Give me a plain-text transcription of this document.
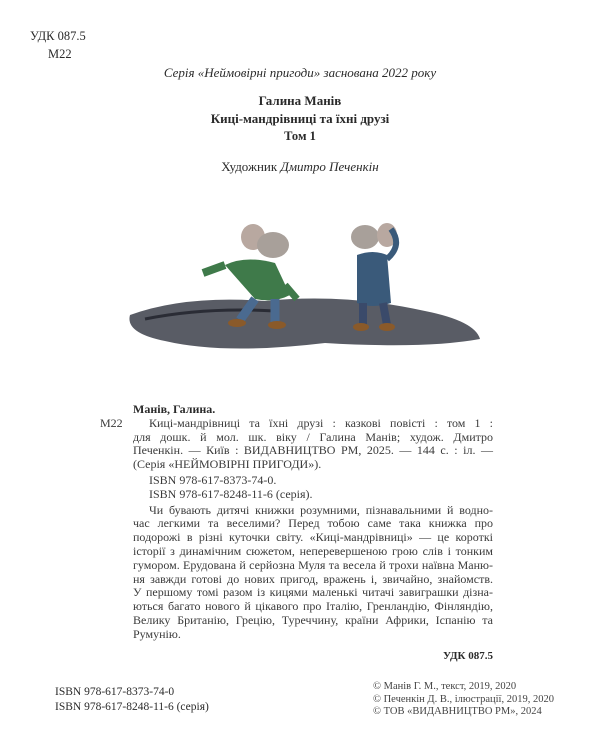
УДК 087.5
М22
Серія «Неймовірні пригоди» заснована 2022 року
Галина Манів
Киці-мандрівниці та їхні друзі
Том 1
Художник Дмитро Печенкін
М22
Манів, Галина.
Киці-мандрівниці та їхні друзі : казкові повісті : том 1 :
для дошк. й мол. шк. віку / Галина Манів; худож. Дмитро
Печенкін. — Київ : ВИДАВНИЦТВО РМ, 2025. — 144 с. : іл. —
(Серія «НЕЙМОВІРНІ ПРИГОДИ»).
ISBN 978-617-8373-74-0.
ISBN 978-617-8248-11-6 (серія).
Чи бувають дитячі книжки розумними, пізнавальними й водно-
час легкими та веселими? Перед тобою саме така книжка про
подорожі в різні куточки світу. «Киці-мандрівниці» — це короткі
історії з динамічним сюжетом, неперевершеною грою слів і тонким
гумором. Ерудована й серйозна Муля та весела й трохи наївна Маню-
ня завжди готові до нових пригод, вражень і, звичайно, знайомств.
У першому томі разом із кицями маленькі читачі завиграшки дізна-
ються багато нового й цікавого про Італію, Гренландію, Фінляндію,
Велику Британію, Грецію, Туреччину, країни Африки, Іспанію та
Румунію.
УДК 087.5
ISBN 978-617-8373-74-0
ISBN 978-617-8248-11-6 (серія)
© Манів Г. М., текст, 2019, 2020
© Печенкін Д. В., ілюстрації, 2019, 2020
© ТОВ «ВИДАВНИЦТВО РМ», 2024
